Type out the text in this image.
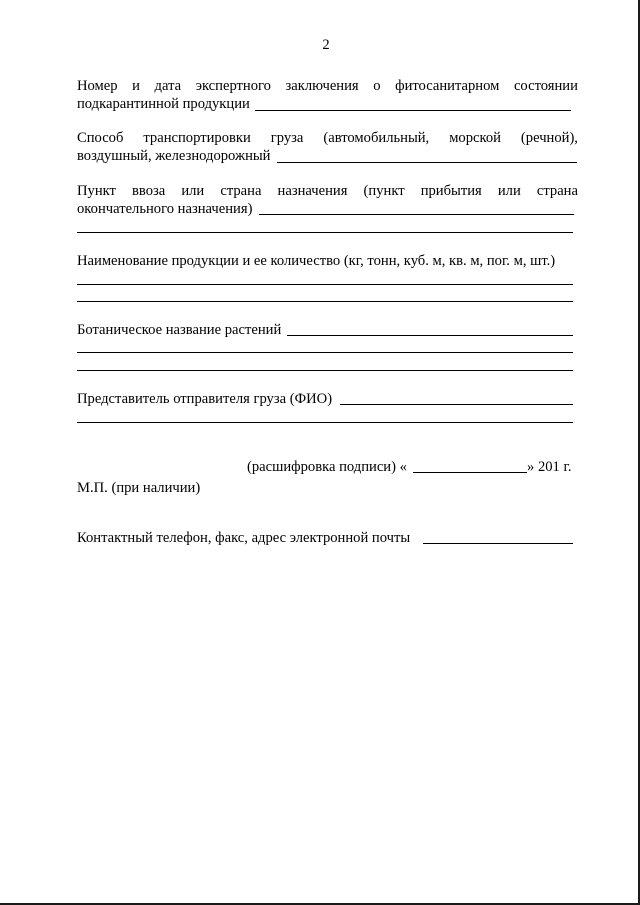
2
Номер и дата экспертного заключения о фитосанитарном состоянии
подкарантинной продукции
Способ транспортировки груза (автомобильный, морской (речной),
воздушный, железнодорожный
Пункт ввоза или страна назначения (пункт прибытия или страна
окончательного назначения)
Наименование продукции и ее количество (кг, тонн, куб. м, кв. м, пог. м, шт.)
Ботаническое название растений
Представитель отправителя груза (ФИО)
(расшифровка подписи) «	» 201 г.
М.П. (при наличии)
Контактный телефон, факс, адрес электронной почты
